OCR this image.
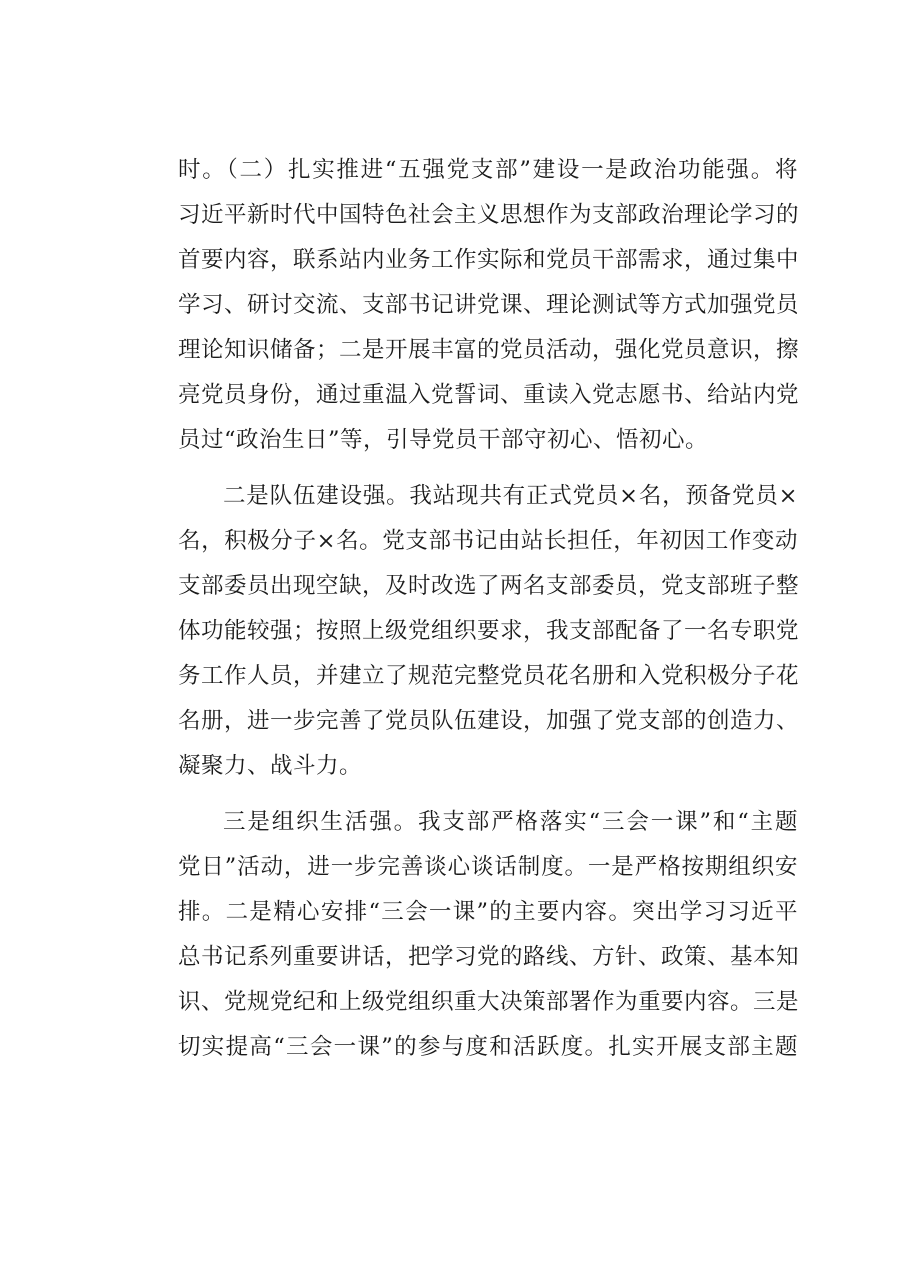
时。（二）扎实推进“五强党支部”建设一是政治功能强。将
习近平新时代中国特色社会主义思想作为支部政治理论学习的
首要内容，联系站内业务工作实际和党员干部需求，通过集中
学习、研讨交流、支部书记讲党课、理论测试等方式加强党员
理论知识储备；二是开展丰富的党员活动，强化党员意识，擦
亮党员身份，通过重温入党誓词、重读入党志愿书、给站内党
员过“政治生日”等，引导党员干部守初心、悟初心。
二是队伍建设强。我站现共有正式党员×名，预备党员×
名，积极分子×名。党支部书记由站长担任，年初因工作变动
支部委员出现空缺，及时改选了两名支部委员，党支部班子整
体功能较强；按照上级党组织要求，我支部配备了一名专职党
务工作人员，并建立了规范完整党员花名册和入党积极分子花
名册，进一步完善了党员队伍建设，加强了党支部的创造力、
凝聚力、战斗力。
三是组织生活强。我支部严格落实“三会一课”和“主题
党日”活动，进一步完善谈心谈话制度。一是严格按期组织安
排。二是精心安排“三会一课”的主要内容。突出学习习近平
总书记系列重要讲话，把学习党的路线、方针、政策、基本知
识、党规党纪和上级党组织重大决策部署作为重要内容。三是
切实提高“三会一课”的参与度和活跃度。扎实开展支部主题
